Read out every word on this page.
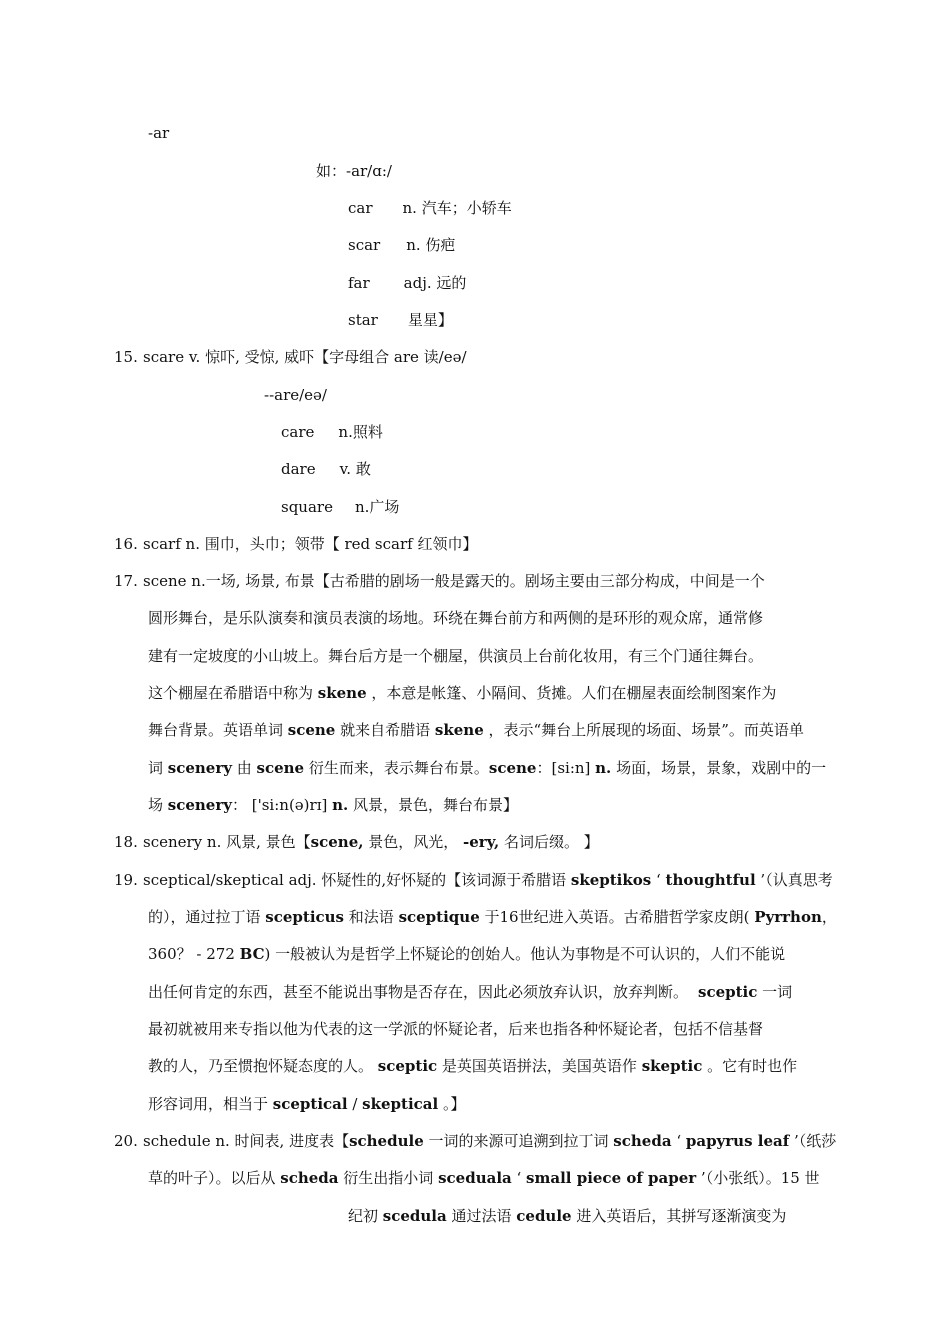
-ar
如：-ar/ɑ:/
car n. 汽车；小轿车
scar n. 伤疤
far adj. 远的
star 星星】
15. scare v. 惊吓, 受惊, 威吓【字母组合 are 读/eə/
--are/eə/
care n.照料
dare v. 敢
square n.广场
16. scarf n. 围巾，头巾；领带【 red scarf 红领巾】
17. scene n.一场, 场景, 布景【古希腊的剧场一般是露天的。剧场主要由三部分构成，中间是一个
圆形舞台，是乐队演奏和演员表演的场地。环绕在舞台前方和两侧的是环形的观众席，通常修
建有一定坡度的小山坡上。舞台后方是一个棚屋，供演员上台前化妆用，有三个门通往舞台。
这个棚屋在希腊语中称为 skene ，本意是帐篷、小隔间、货摊。人们在棚屋表面绘制图案作为
舞台背景。英语单词 scene 就来自希腊语 skene ，表示“舞台上所展现的场面、场景”。而英语单
词 scenery 由 scene 衍生而来，表示舞台布景。scene：[si:n] n. 场面，场景，景象，戏剧中的一
场 scenery： ['si:n(ə)rɪ] n. 风景，景色，舞台布景】
18. scenery n. 风景, 景色【scene, 景色，风光， -ery, 名词后缀。 】
19. sceptical/skeptical adj. 怀疑性的,好怀疑的【该词源于希腊语 skeptikos ‘ thoughtful ’（认真思考
的），通过拉丁语 scepticus 和法语 sceptique 于16世纪进入英语。古希腊哲学家皮朗( Pyrrhon，
360？ - 272 BC) 一般被认为是哲学上怀疑论的创始人。他认为事物是不可认识的，人们不能说
出任何肯定的东西，甚至不能说出事物是否存在，因此必须放弃认识，放弃判断。 sceptic 一词
最初就被用来专指以他为代表的这一学派的怀疑论者，后来也指各种怀疑论者，包括不信基督
教的人，乃至惯抱怀疑态度的人。 sceptic 是英国英语拼法，美国英语作 skeptic 。它有时也作
形容词用，相当于 sceptical / skeptical 。】
20. schedule n. 时间表, 进度表【schedule 一词的来源可追溯到拉丁词 scheda ‘ papyrus leaf ’（纸莎
草的叶子）。以后从 scheda 衍生出指小词 sceduala ‘ small piece of paper ’（小张纸）。15 世
纪初 scedula 通过法语 cedule 进入英语后，其拼写逐渐演变为
